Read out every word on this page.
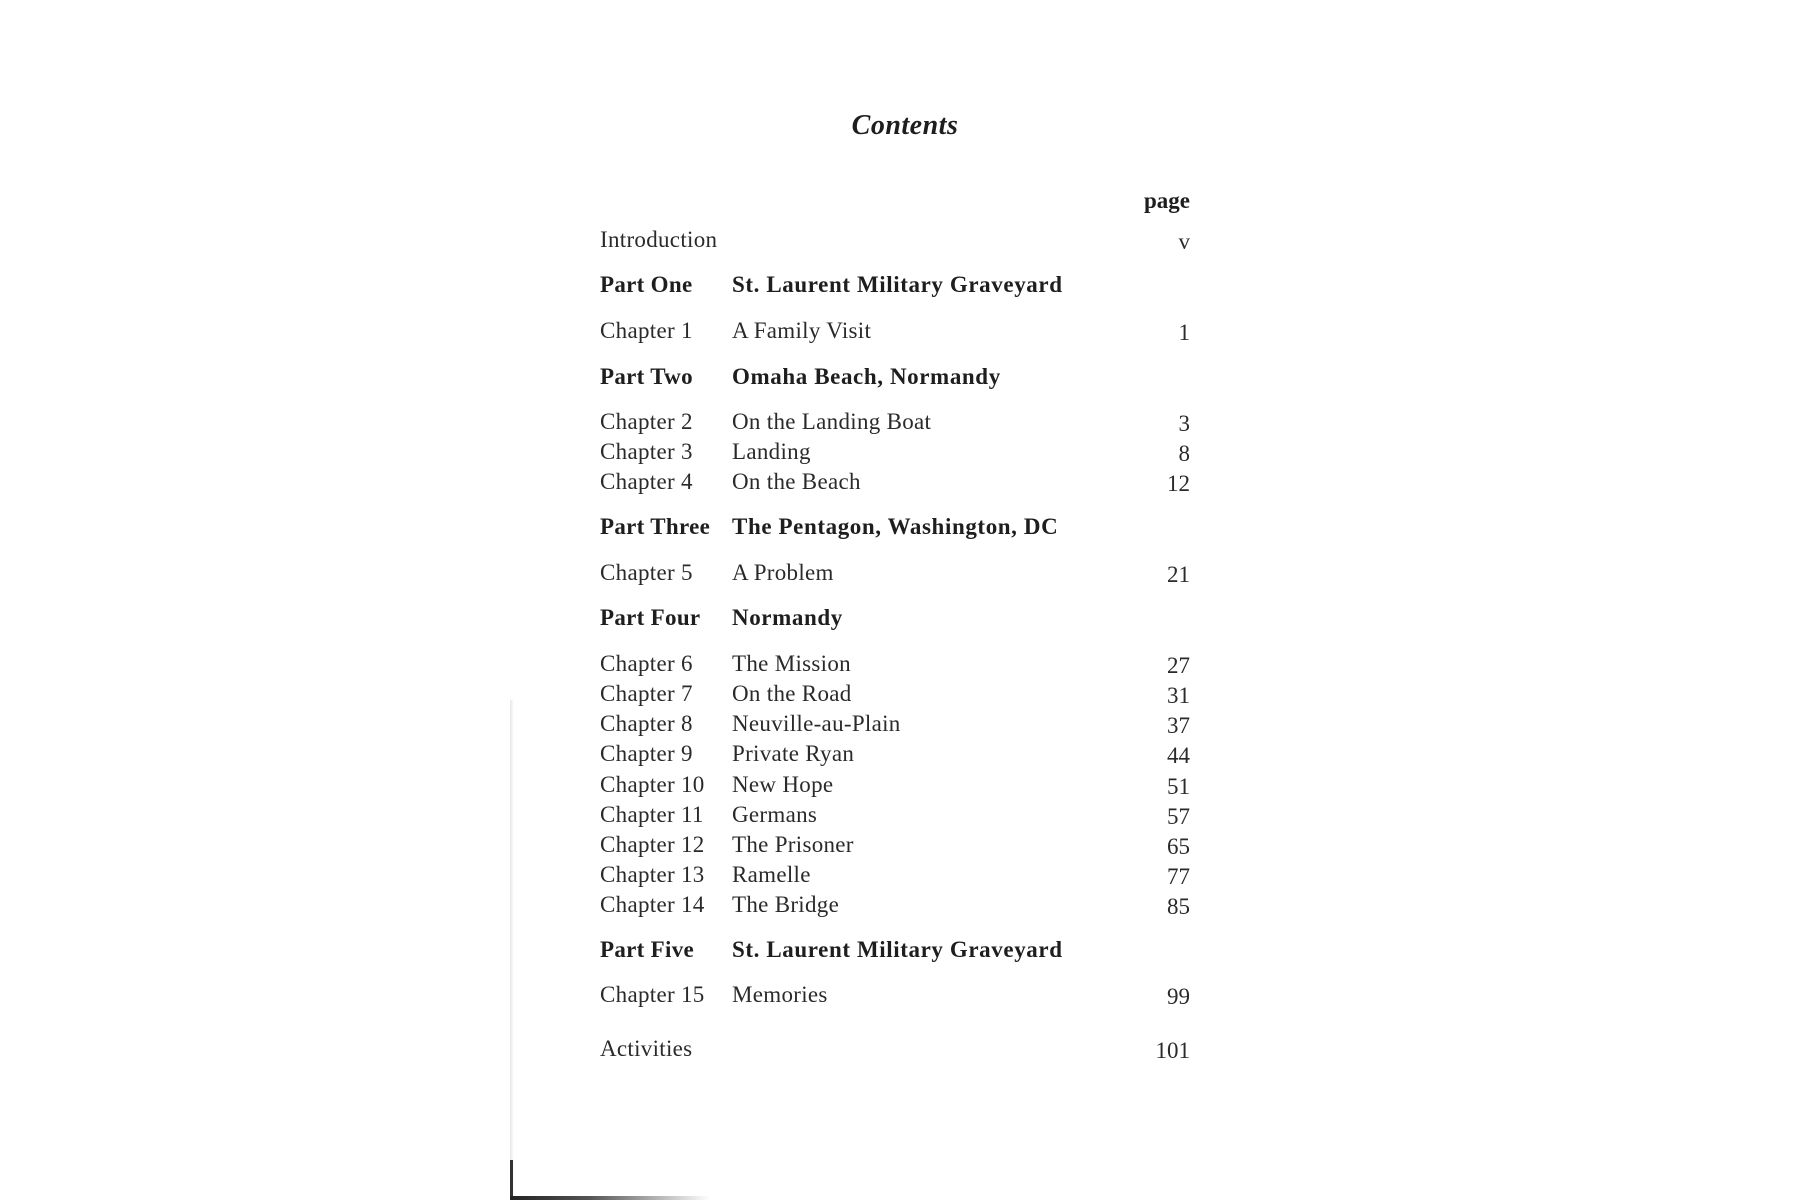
Contents
page
Introduction	v
Part One St. Laurent Military Graveyard
Chapter 1 A Family Visit	1
Part Two Omaha Beach, Normandy
Chapter 2 On the Landing Boat	3
Chapter 3 Landing	8
Chapter 4 On the Beach	12
Part Three The Pentagon, Washington, DC
Chapter 5 A Problem	21
Part Four Normandy
Chapter 6 The Mission	27
Chapter 7 On the Road	31
Chapter 8 Neuville-au-Plain	37
Chapter 9 Private Ryan	44
Chapter 10 New Hope	51
Chapter 11 Germans	57
Chapter 12 The Prisoner	65
Chapter 13 Ramelle	77
Chapter 14 The Bridge	85
Part Five St. Laurent Military Graveyard
Chapter 15 Memories	99
Activities	101
